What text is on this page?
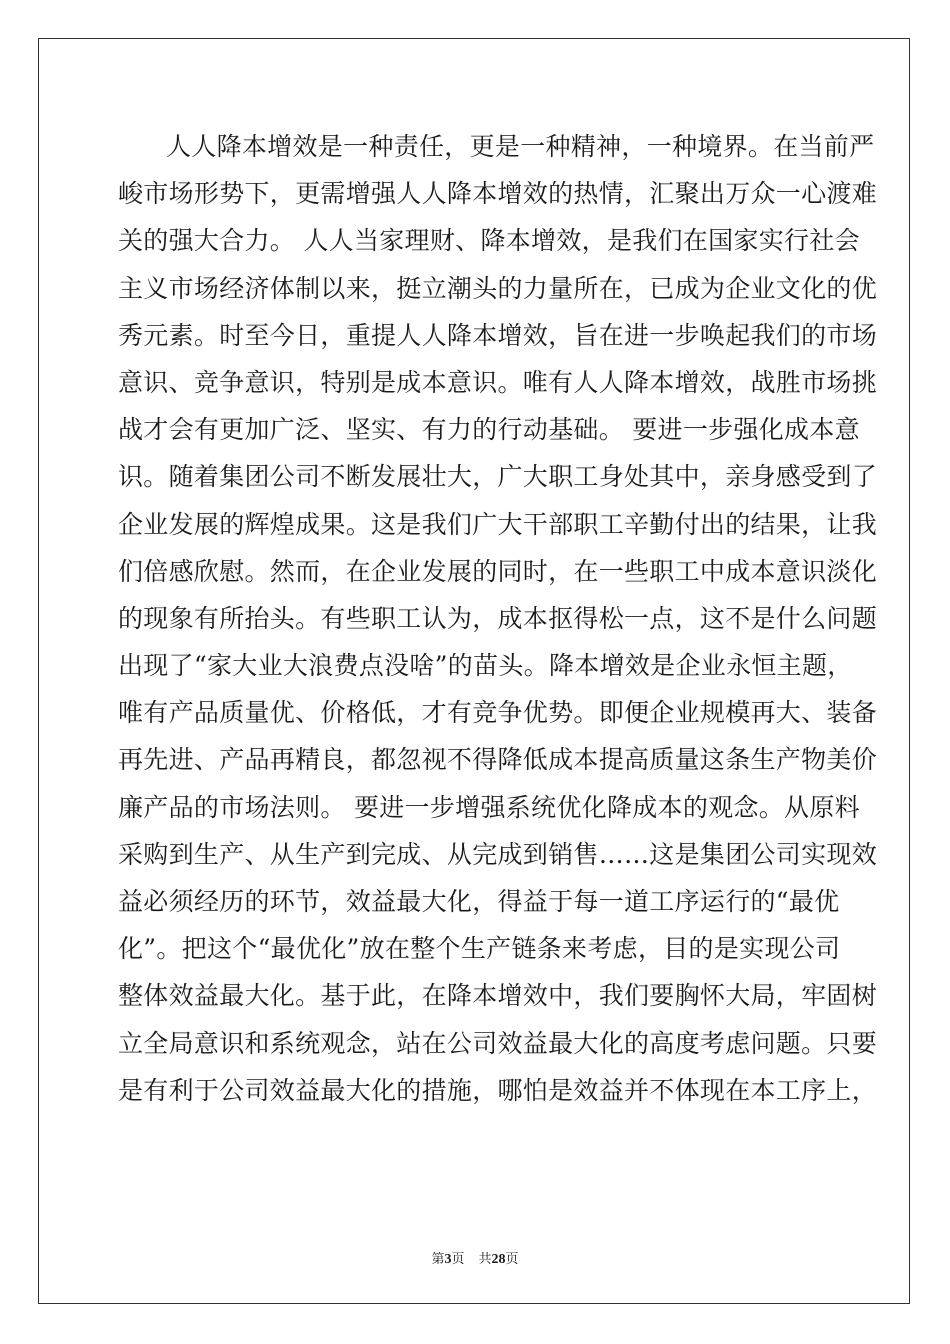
人人降本增效是一种责任，更是一种精神，一种境界。在当前严
峻市场形势下，更需增强人人降本增效的热情，汇聚出万众一心渡难
关的强大合力。 人人当家理财、降本增效，是我们在国家实行社会
主义市场经济体制以来，挺立潮头的力量所在，已成为企业文化的优
秀元素。时至今日，重提人人降本增效，旨在进一步唤起我们的市场
意识、竞争意识，特别是成本意识。唯有人人降本增效，战胜市场挑
战才会有更加广泛、坚实、有力的行动基础。 要进一步强化成本意
识。随着集团公司不断发展壮大，广大职工身处其中，亲身感受到了
企业发展的辉煌成果。这是我们广大干部职工辛勤付出的结果，让我
们倍感欣慰。然而，在企业发展的同时，在一些职工中成本意识淡化
的现象有所抬头。有些职工认为，成本抠得松一点，这不是什么问题
出现了“家大业大浪费点没啥”的苗头。降本增效是企业永恒主题，
唯有产品质量优、价格低，才有竞争优势。即便企业规模再大、装备
再先进、产品再精良，都忽视不得降低成本提高质量这条生产物美价
廉产品的市场法则。 要进一步增强系统优化降成本的观念。从原料
采购到生产、从生产到完成、从完成到销售……这是集团公司实现效
益必须经历的环节，效益最大化，得益于每一道工序运行的“最优
化”。把这个“最优化”放在整个生产链条来考虑，目的是实现公司
整体效益最大化。基于此，在降本增效中，我们要胸怀大局，牢固树
立全局意识和系统观念，站在公司效益最大化的高度考虑问题。只要
是有利于公司效益最大化的措施，哪怕是效益并不体现在本工序上，
第3页 共28页
